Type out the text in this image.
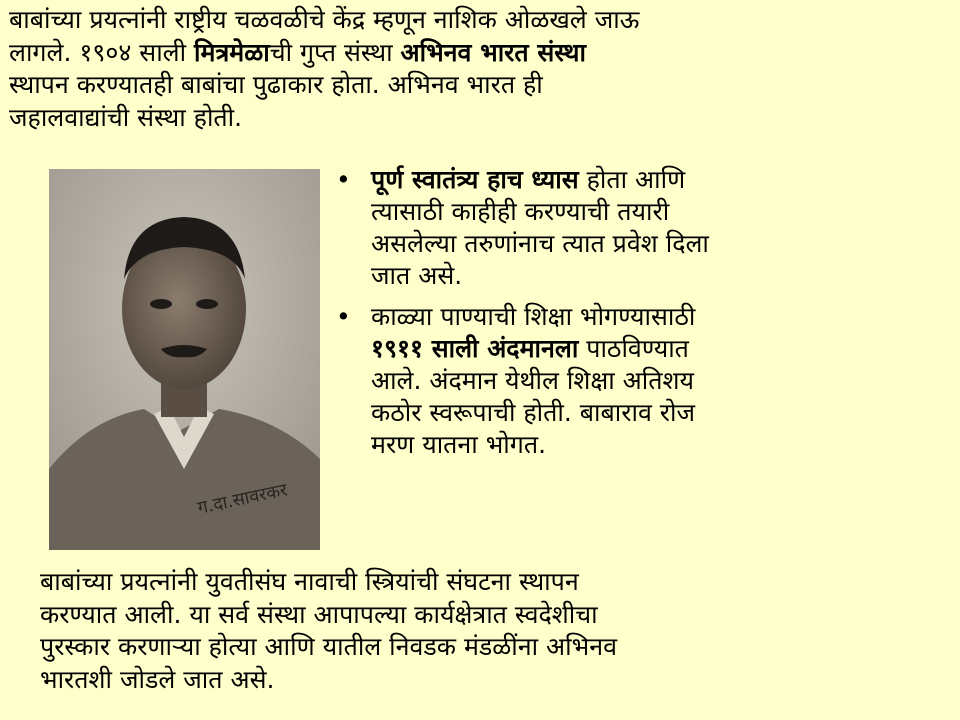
बाबांच्या प्रयत्नांनी राष्ट्रीय चळवळीचे केंद्र म्हणून नाशिक ओळखले जाऊ
लागले. १९०४ साली मित्रमेळाची गुप्त संस्था अभिनव भारत संस्था
स्थापन करण्यातही बाबांचा पुढाकार होता. अभिनव भारत ही
जहालवाद्यांची संस्था होती.
ग.दा.सावरकर
• पूर्ण स्वातंत्र्य हाच ध्यास होता आणि
त्यासाठी काहीही करण्याची तयारी
असलेल्या तरुणांनाच त्यात प्रवेश दिला
जात असे.
• काळ्या पाण्याची शिक्षा भोगण्यासाठी
१९११ साली अंदमानला पाठविण्यात
आले. अंदमान येथील शिक्षा अतिशय
कठोर स्वरूपाची होती. बाबाराव रोज
मरण यातना भोगत.
बाबांच्या प्रयत्नांनी युवतीसंघ नावाची स्त्रियांची संघटना स्थापन
करण्यात आली. या सर्व संस्था आपापल्या कार्यक्षेत्रात स्वदेशीचा
पुरस्कार करणाऱ्या होत्या आणि यातील निवडक मंडळींना अभिनव
भारतशी जोडले जात असे.
